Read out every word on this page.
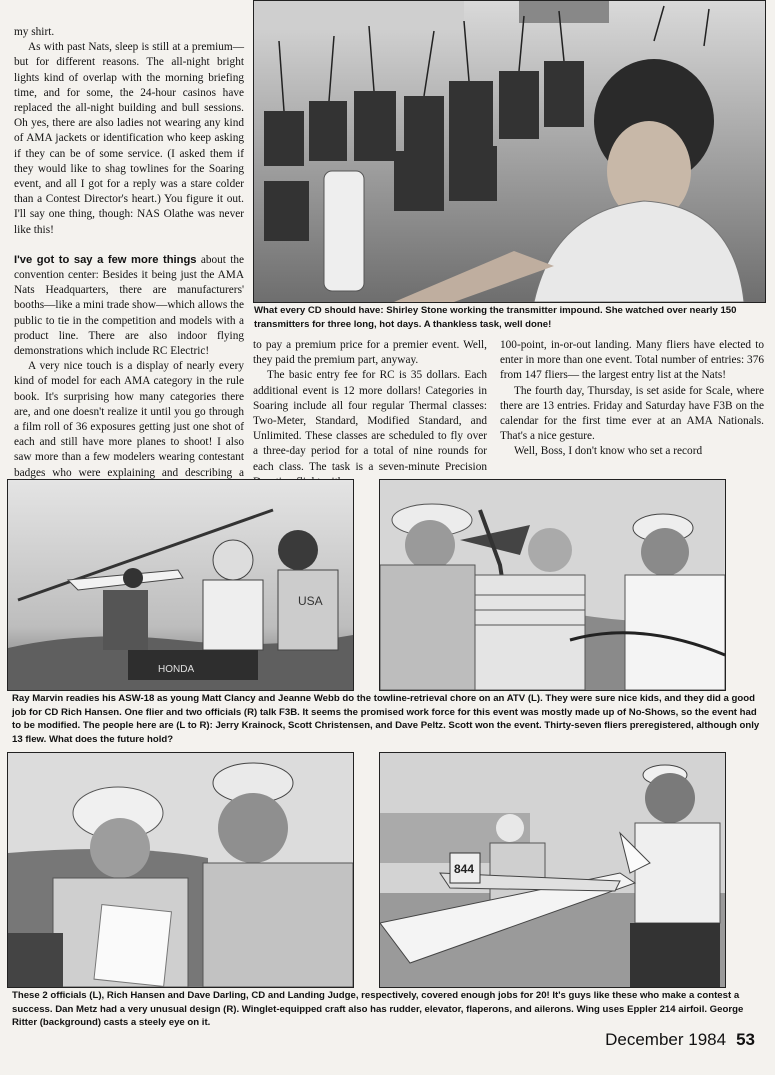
my shirt.

As with past Nats, sleep is still at a premium—but for different reasons. The all-night bright lights kind of overlap with the morning briefing time, and for some, the 24-hour casinos have replaced the all-night building and bull sessions. Oh yes, there are also ladies not wearing any kind of AMA jackets or identification who keep asking if they can be of some service. (I asked them if they would like to shag towlines for the Soaring event, and all I got for a reply was a stare colder than a Contest Director's heart.) You figure it out. I'll say one thing, though: NAS Olathe was never like this!

I've got to say a few more things about the convention center: Besides it being just the AMA Nats Headquarters, there are manufacturers' booths—like a mini trade show—which allows the public to tie in the competition and models with a product line. There are also indoor flying demonstrations which include RC Electric!

A very nice touch is a display of nearly every kind of model for each AMA category in the rule book. It's surprising how many categories there are, and one doesn't realize it until you go through a film roll of 36 exposures getting just one shot of each and still have more planes to shoot! I also saw more than a few modelers wearing contestant badges who were explaining and describing a

What every CD should have: Shirley Stone working the transmitter impound. She watched over nearly 150 transmitters for three long, hot days. A thankless task, well done!

to pay a premium price for a premier event. Well, they paid the premium part, anyway.

The basic entry fee for RC is 35 dollars. Each additional event is 12 more dollars! Categories in Soaring include all four regular Thermal classes: Two-Meter, Standard, Modified Standard, and Unlimited. These classes are scheduled to fly over a three-day period for a total of nine rounds for each class. The task is a seven-minute Precision

100-point, in-or-out landing. Many fliers have elected to enter in more than one event. Total number of entries: 376 from 147 fliers— the largest entry list at the Nats!

The fourth day, Thursday, is set aside for Scale, where there are 13 entries. Friday and Saturday have F3B on the calendar for the first time ever at an AMA Nationals. That's a nice gesture.

Well, Boss, I don't know who set a record

USA
HONDA
Ray Marvin readies his ASW-18 as young Matt Clancy and Jeanne Webb do the towline-retrieval chore on an ATV (L). They were sure nice kids, and they did a good job for CD Rich Hansen. One flier and two officials (R) talk F3B. It seems the promised work force for this event was mostly made up of No-Shows, so the event had to be modified. The people here are (L to R): Jerry Krainock, Scott Christensen, and Dave Peltz. Scott won the event. Thirty-seven fliers preregistered, although only 13 flew. What does the future hold?
844
These 2 officials (L), Rich Hansen and Dave Darling, CD and Landing Judge, respectively, covered enough jobs for 20! It's guys like these who make a contest a success. Dan Metz had a very unusual design (R). Winglet-equipped craft also has rudder, elevator, flaperons, and ailerons. Wing uses Eppler 214 airfoil. George Ritter (background) casts a steely eye on it.
December 1984 53
